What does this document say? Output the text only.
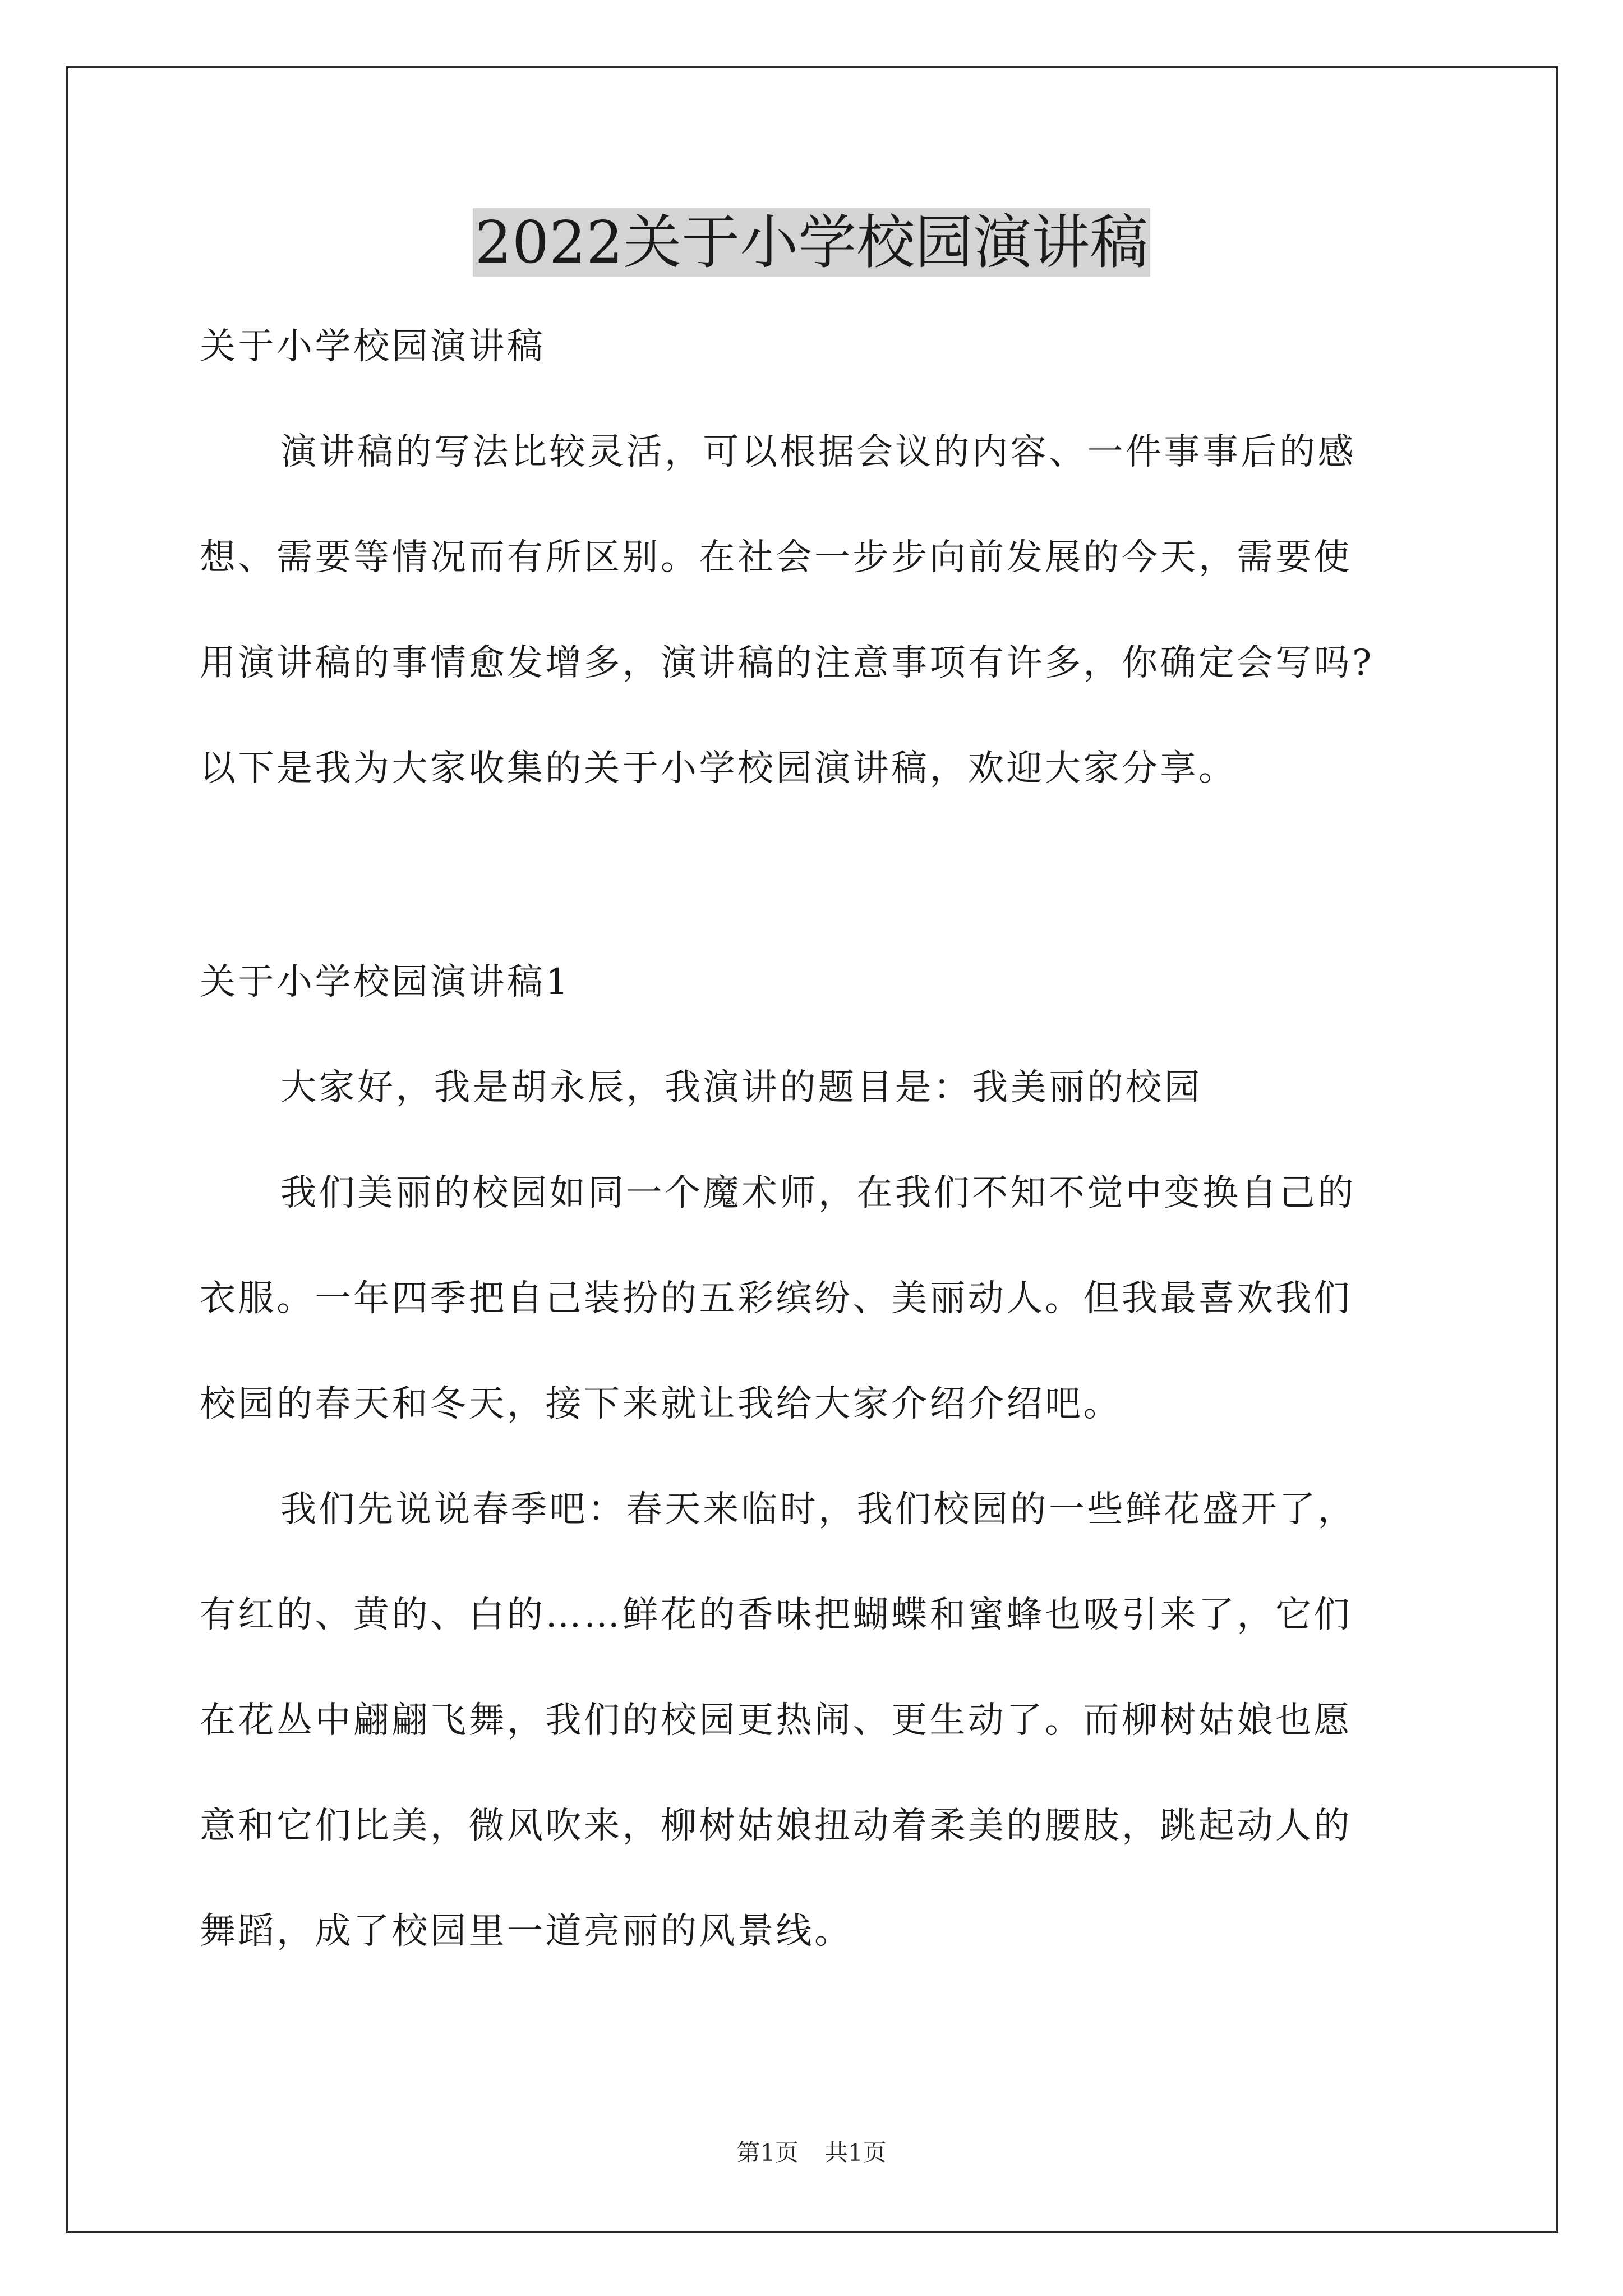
2022关于小学校园演讲稿

关于小学校园演讲稿

演讲稿的写法比较灵活，可以根据会议的内容、一件事事后的感

想、需要等情况而有所区别。在社会一步步向前发展的今天，需要使

用演讲稿的事情愈发增多，演讲稿的注意事项有许多，你确定会写吗?

以下是我为大家收集的关于小学校园演讲稿，欢迎大家分享。

关于小学校园演讲稿1

大家好，我是胡永辰，我演讲的题目是：我美丽的校园

我们美丽的校园如同一个魔术师，在我们不知不觉中变换自己的

衣服。一年四季把自己装扮的五彩缤纷、美丽动人。但我最喜欢我们

校园的春天和冬天，接下来就让我给大家介绍介绍吧。

我们先说说春季吧：春天来临时，我们校园的一些鲜花盛开了，

有红的、黄的、白的……鲜花的香味把蝴蝶和蜜蜂也吸引来了，它们

在花丛中翩翩飞舞，我们的校园更热闹、更生动了。而柳树姑娘也愿

意和它们比美，微风吹来，柳树姑娘扭动着柔美的腰肢，跳起动人的

舞蹈，成了校园里一道亮丽的风景线。

第1页 共1页
